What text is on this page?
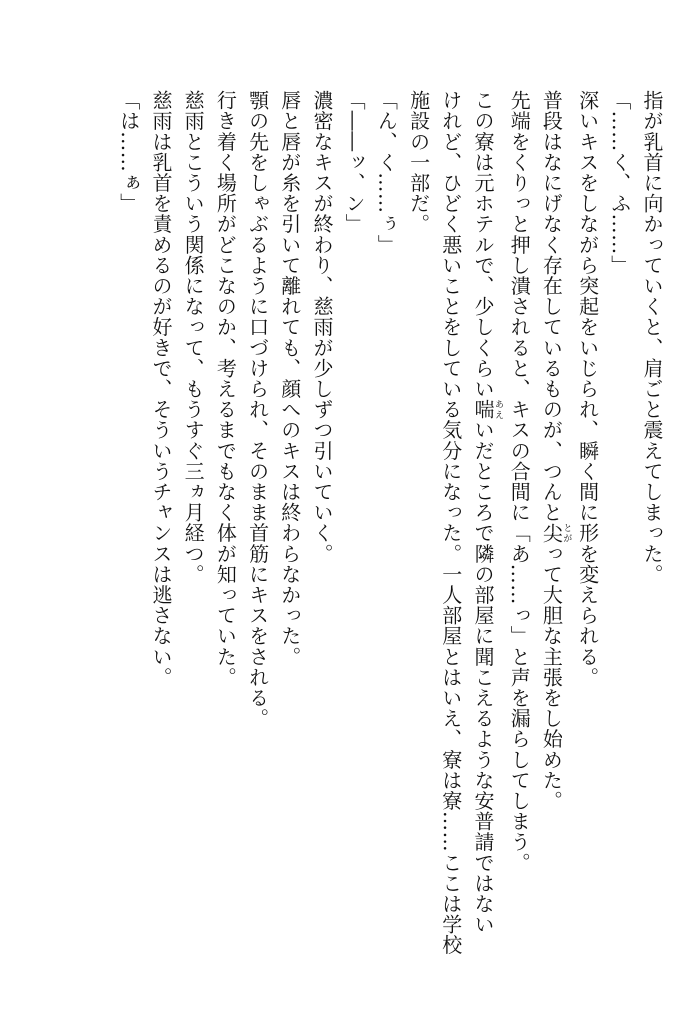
指が乳首に向かっていくと、肩ごと震えてしまった。
「……く、ふ……」
深いキスをしながら突起をいじられ、瞬く間に形を変えられる。
普段はなにげなく存在しているものが、つんと尖とがって大胆な主張をし始めた。
先端をくりっと押し潰されると、キスの合間に「あ……っ」と声を漏らしてしまう。
この寮は元ホテルで、少しくらい喘あえいだところで隣の部屋に聞こえるような安普請ではない
けれど、ひどく悪いことをしている気分になった。一人部屋とはいえ、寮は寮……ここは学校
施設の一部だ。
「ん、く……ぅ」
「――ッ、ン」
濃密なキスが終わり、慈雨が少しずつ引いていく。
唇と唇が糸を引いて離れても、顔へのキスは終わらなかった。
顎の先をしゃぶるように口づけられ、そのまま首筋にキスをされる。
行き着く場所がどこなのか、考えるまでもなく体が知っていた。
慈雨とこういう関係になって、もうすぐ三ヵ月経つ。
慈雨は乳首を責めるのが好きで、そういうチャンスは逃さない。
「は……ぁ」
